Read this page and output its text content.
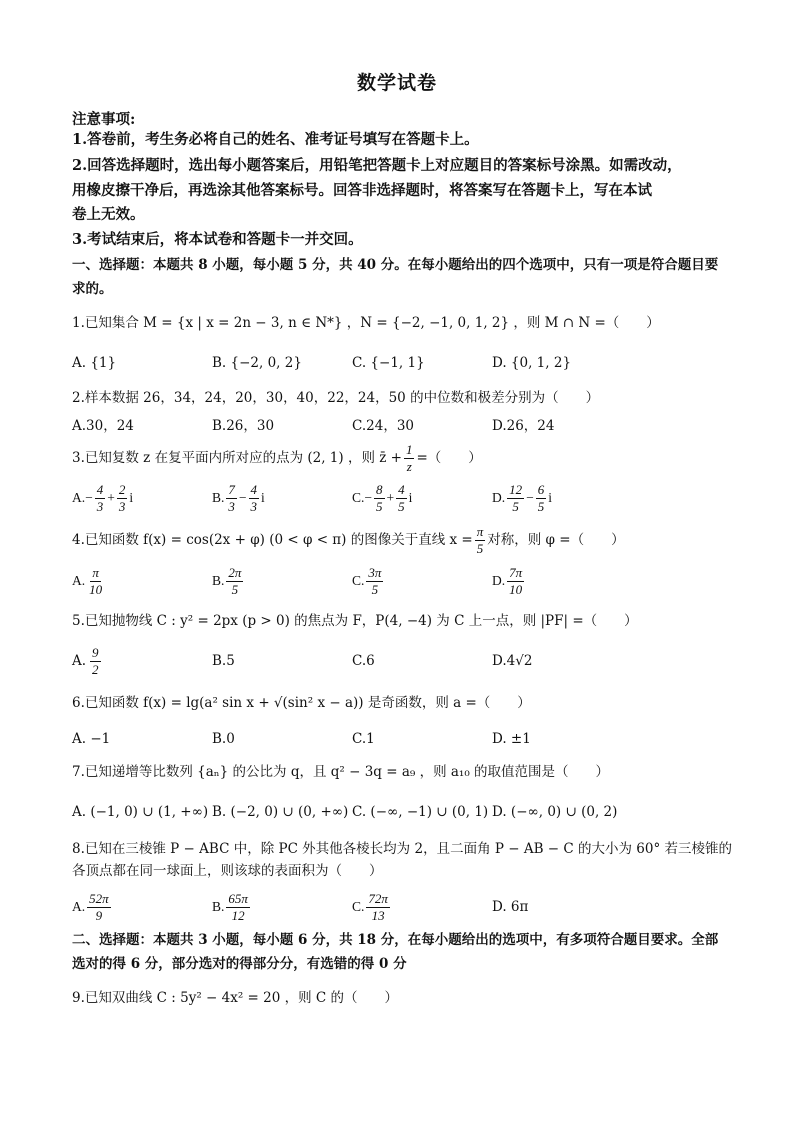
数学试卷
注意事项:
1.答卷前，考生务必将自己的姓名、准考证号填写在答题卡上。
2.回答选择题时，选出每小题答案后，用铅笔把答题卡上对应题目的答案标号涂黑。如需改动，
用橡皮擦干净后，再选涂其他答案标号。回答非选择题时，将答案写在答题卡上，写在本试
卷上无效。
3.考试结束后，将本试卷和答题卡一并交回。
一、选择题：本题共 8 小题，每小题 5 分，共 40 分。在每小题给出的四个选项中，只有一项是符合题目要
求的。
1.已知集合 M = {x | x = 2n − 3, n ∈ N*} ，N = {−2, −1, 0, 1, 2} ，则 M ∩ N =（　　）
A. {1}	B. {−2, 0, 2}	C. {−1, 1}	D. {0, 1, 2}
2.样本数据 26，34，24，20，30，40，22，24，50 的中位数和极差分别为（　　）
A.30，24	B.26，30	C.24，30	D.26，24
3.已知复数 z 在复平面内所对应的点为 (2, 1) ，则 z̄ + $\frac{1}{z}$ =（　　）
A. − $\frac{4}{3} + \frac{2}{3}$ i	B. $\frac{7}{3} - \frac{4}{3}$ i	C. − $\frac{8}{5} + \frac{4}{5}$ i	D. $\frac{12}{5} - \frac{6}{5}$ i
4.已知函数 f(x) = cos(2x + φ) (0 < φ < π) 的图像关于直线 $x = \frac{\pi}{5}$ 对称，则 φ =（　　）
A. $\frac{\pi}{10}$	B. $\frac{2\pi}{5}$	C. $\frac{3\pi}{5}$	D. $\frac{7\pi}{10}$
5.已知抛物线 C : y² = 2px (p > 0) 的焦点为 F，P(4, −4) 为 C 上一点，则 |PF| =（　　）
A. $\frac{9}{2}$	B.5	C.6	D.4√2
6.已知函数 f(x) = lg(a² sin x + √(sin² x − a)) 是奇函数，则 a =（　　）
A. −1	B.0	C.1	D. ±1
7.已知递增等比数列 {aₙ} 的公比为 q，且 q² − 3q = a₉ ，则 a₁₀ 的取值范围是（　　）
A. (−1, 0) ∪ (1, +∞) B. (−2, 0) ∪ (0, +∞) C. (−∞, −1) ∪ (0, 1) D. (−∞, 0) ∪ (0, 2)
8.已知在三棱锥 P − ABC 中，除 PC 外其他各棱长均为 2，且二面角 P − AB − C 的大小为 60° 若三棱锥的
各顶点都在同一球面上，则该球的表面积为（　　）
A. $\frac{52\pi}{9}$	B. $\frac{65\pi}{12}$	C. $\frac{72\pi}{13}$	D. 6π
二、选择题：本题共 3 小题，每小题 6 分，共 18 分，在每小题给出的选项中，有多项符合题目要求。全部
选对的得 6 分，部分选对的得部分分，有选错的得 0 分
9.已知双曲线 C : 5y² − 4x² = 20 ，则 C 的（　　）
